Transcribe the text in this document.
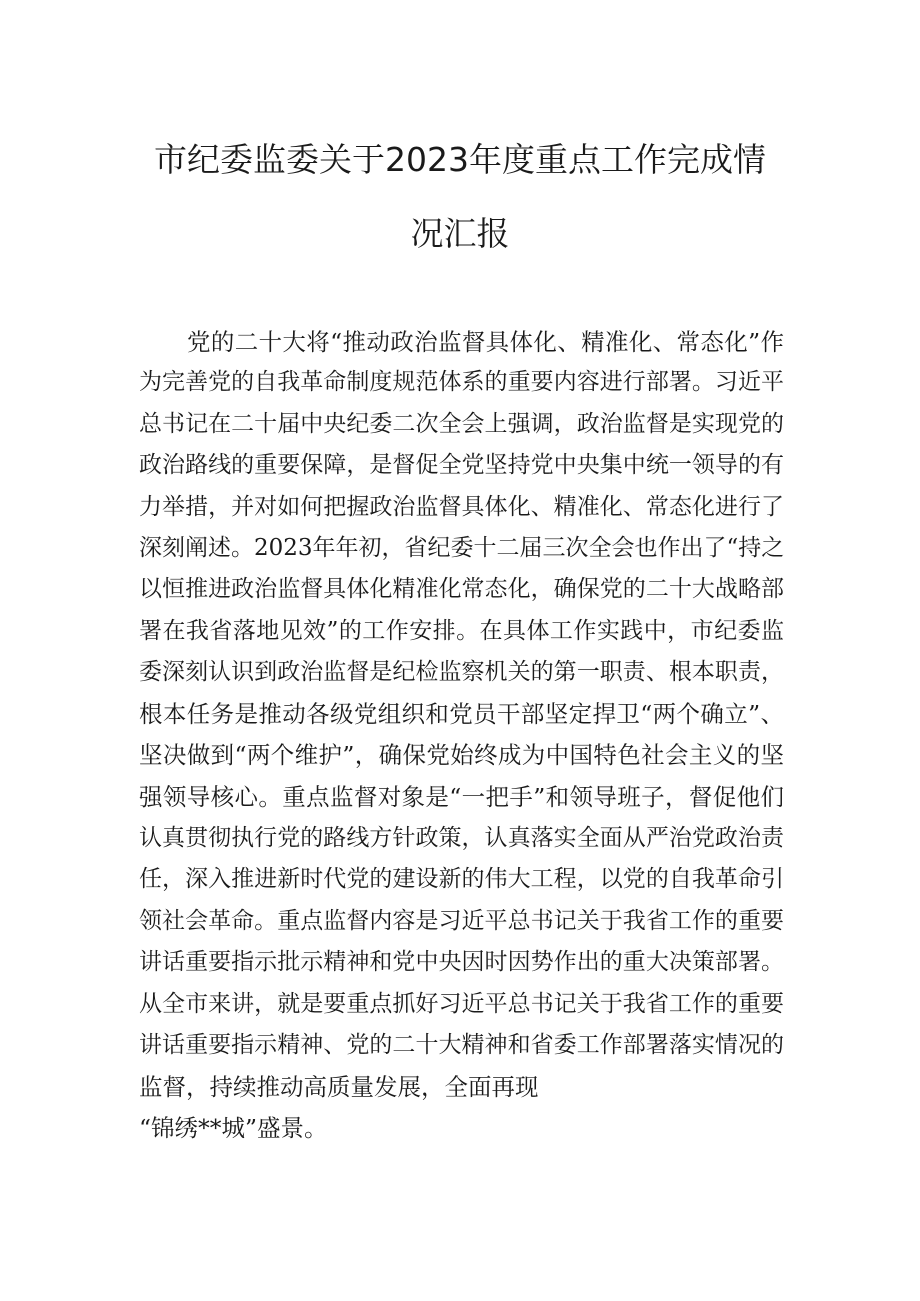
市纪委监委关于2023年度重点工作完成情
况汇报
党的二十大将“推动政治监督具体化、精准化、常态化”作
为完善党的自我革命制度规范体系的重要内容进行部署。习近平
总书记在二十届中央纪委二次全会上强调，政治监督是实现党的
政治路线的重要保障，是督促全党坚持党中央集中统一领导的有
力举措，并对如何把握政治监督具体化、精准化、常态化进行了
深刻阐述。2023年年初，省纪委十二届三次全会也作出了“持之
以恒推进政治监督具体化精准化常态化，确保党的二十大战略部
署在我省落地见效”的工作安排。在具体工作实践中，市纪委监
委深刻认识到政治监督是纪检监察机关的第一职责、根本职责，
根本任务是推动各级党组织和党员干部坚定捍卫“两个确立”、
坚决做到“两个维护”，确保党始终成为中国特色社会主义的坚
强领导核心。重点监督对象是“一把手”和领导班子，督促他们
认真贯彻执行党的路线方针政策，认真落实全面从严治党政治责
任，深入推进新时代党的建设新的伟大工程，以党的自我革命引
领社会革命。重点监督内容是习近平总书记关于我省工作的重要
讲话重要指示批示精神和党中央因时因势作出的重大决策部署。
从全市来讲，就是要重点抓好习近平总书记关于我省工作的重要
讲话重要指示精神、党的二十大精神和省委工作部署落实情况的
监督，持续推动高质量发展，全面再现
“锦绣**城”盛景。
